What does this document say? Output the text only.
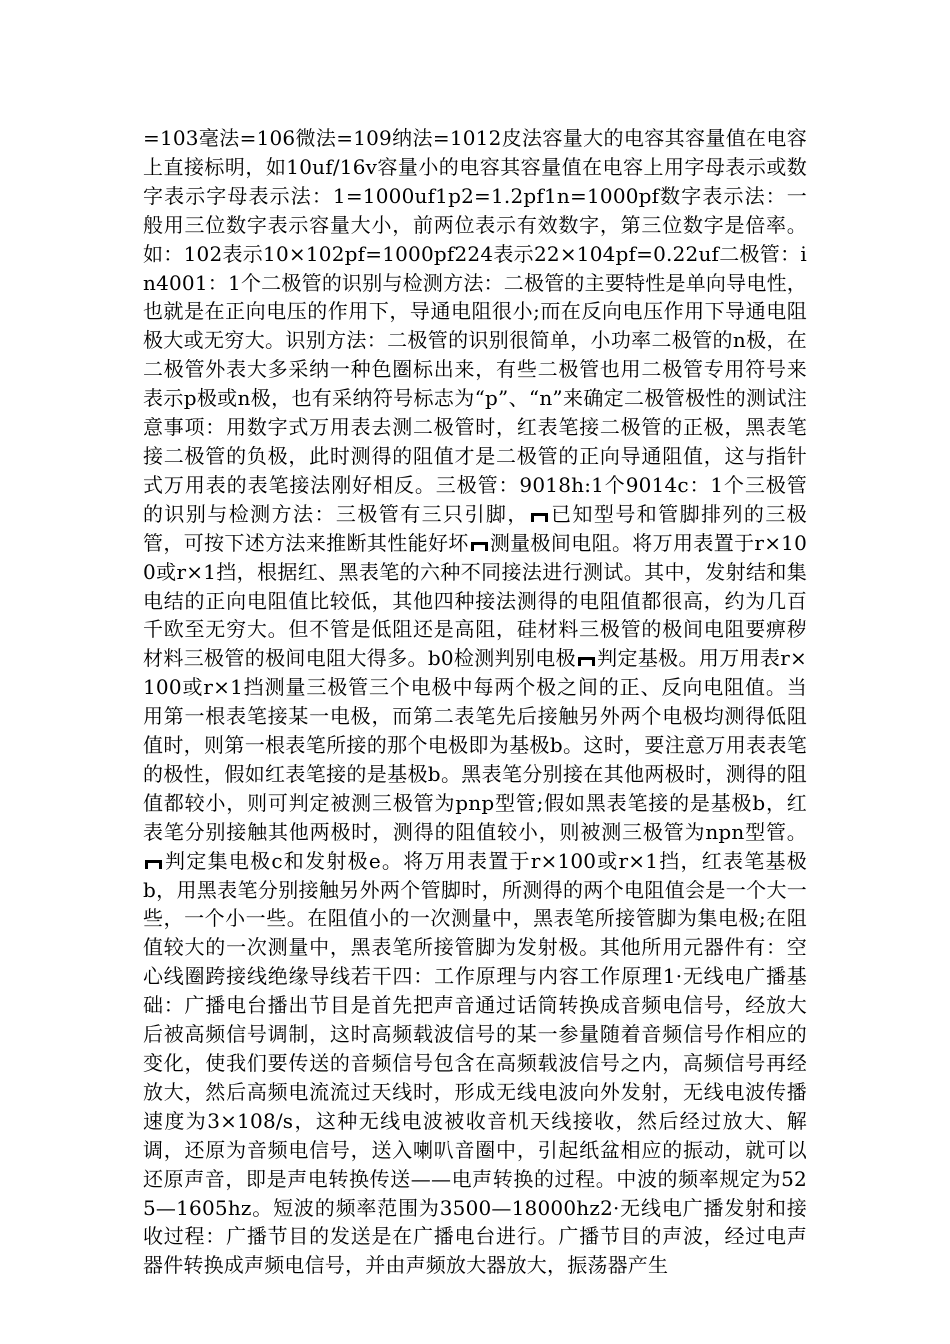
=103毫法=106微法=109纳法=1012皮法容量大的电容其容量值在电容上直接标明，如10uf/16v容量小的电容其容量值在电容上用字母表示或数字表示字母表示法：1=1000uf1p2=1.2pf1n=1000pf数字表示法：一般用三位数字表示容量大小，前两位表示有效数字，第三位数字是倍率。如：102表示10×102pf=1000pf224表示22×104pf=0.22uf二极管：in4001：1个二极管的识别与检测方法：二极管的主要特性是单向导电性，也就是在正向电压的作用下，导通电阻很小;而在反向电压作用下导通电阻极大或无穷大。识别方法：二极管的识别很简单，小功率二极管的n极，在二极管外表大多采纳一种色圈标出来，有些二极管也用二极管专用符号来表示p极或n极，也有采纳符号标志为“p”、“n”来确定二极管极性的测试注意事项：用数字式万用表去测二极管时，红表笔接二极管的正极，黑表笔接二极管的负极，此时测得的阻值才是二极管的正向导通阻值，这与指针式万用表的表笔接法刚好相反。三极管：9018h:1个9014c：1个三极管的识别与检测方法：三极管有三只引脚， 已知型号和管脚排列的三极管，可按下述方法来推断其性能好坏 测量极间电阻。将万用表置于r×100或r×1挡，根据红、黑表笔的六种不同接法进行测试。其中，发射结和集电结的正向电阻值比较低，其他四种接法测得的电阻值都很高，约为几百千欧至无穷大。但不管是低阻还是高阻，硅材料三极管的极间电阻要痹秽材料三极管的极间电阻大得多。b0检测判别电极 判定基极。用万用表r×100或r×1挡测量三极管三个电极中每两个极之间的正、反向电阻值。当用第一根表笔接某一电极，而第二表笔先后接触另外两个电极均测得低阻值时，则第一根表笔所接的那个电极即为基极b。这时，要注意万用表表笔的极性，假如红表笔接的是基极b。黑表笔分别接在其他两极时，测得的阻值都较小，则可判定被测三极管为pnp型管;假如黑表笔接的是基极b，红表笔分别接触其他两极时，测得的阻值较小，则被测三极管为npn型管。判定集电极c和发射极e。将万用表置于r×100或r×1挡，红表笔基极b，用黑表笔分别接触另外两个管脚时，所测得的两个电阻值会是一个大一些，一个小一些。在阻值小的一次测量中，黑表笔所接管脚为集电极;在阻值较大的一次测量中，黑表笔所接管脚为发射极。其他所用元器件有：空心线圈跨接线绝缘导线若干四：工作原理与内容工作原理1·无线电广播基础：广播电台播出节目是首先把声音通过话筒转换成音频电信号，经放大后被高频信号调制，这时高频载波信号的某一参量随着音频信号作相应的变化，使我们要传送的音频信号包含在高频载波信号之内，高频信号再经放大，然后高频电流流过天线时，形成无线电波向外发射，无线电波传播速度为3×108/s，这种无线电波被收音机天线接收，然后经过放大、解调，还原为音频电信号，送入喇叭音圈中，引起纸盆相应的振动，就可以还原声音，即是声电转换传送——电声转换的过程。中波的频率规定为525—1605hz。短波的频率范围为3500—18000hz2·无线电广播发射和接收过程：广播节目的发送是在广播电台进行。广播节目的声波，经过电声器件转换成声频电信号，并由声频放大器放大，振荡器产生
